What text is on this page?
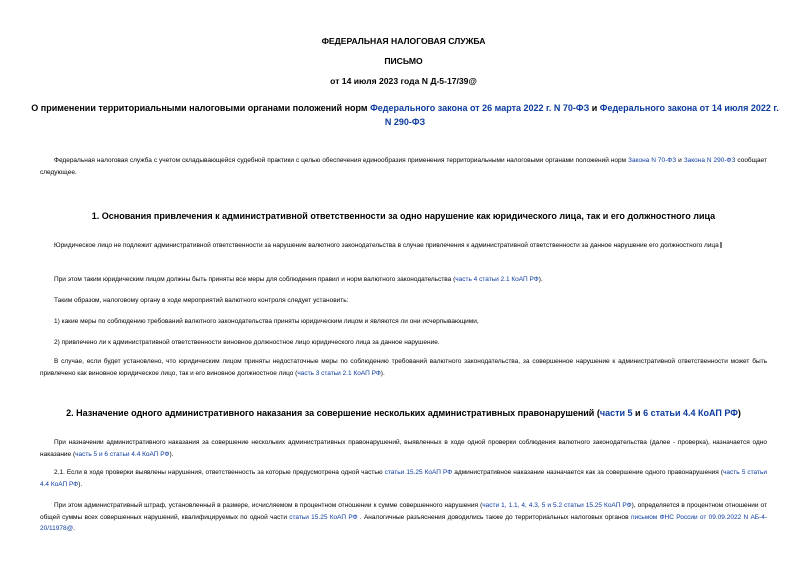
ФЕДЕРАЛЬНАЯ НАЛОГОВАЯ СЛУЖБА
ПИСЬМО
от 14 июля 2023 года N Д-5-17/39@
О применении территориальными налоговыми органами положений норм Федерального закона от 26 марта 2022 г. N 70-ФЗ и Федерального закона от 14 июля 2022 г. N 290-ФЗ
Федеральная налоговая служба с учетом складывающейся судебной практики с целью обеспечения единообразия применения территориальными налоговыми органами положений норм Закона N 70-ФЗ и Закона N 290-ФЗ сообщает следующее.
1. Основания привлечения к административной ответственности за одно нарушение как юридического лица, так и его должностного лица
Юридическое лицо не подлежит административной ответственности за нарушение валютного законодательства в случае привлечения к административной ответственности за данное нарушение его должностного лица
При этом таким юридическим лицом должны быть приняты все меры для соблюдения правил и норм валютного законодательства (часть 4 статьи 2.1 КоАП РФ).
Таким образом, налоговому органу в ходе мероприятий валютного контроля следует установить:
1) какие меры по соблюдению требований валютного законодательства приняты юридическим лицом и являются ли они исчерпывающими,
2) привлечено ли к административной ответственности виновное должностное лицо юридического лица за данное нарушение.
В случае, если будет установлено, что юридическим лицом приняты недостаточные меры по соблюдению требований валютного законодательства, за совершенное нарушение к административной ответственности может быть привлечено как виновное юридическое лицо, так и его виновное должностное лицо (часть 3 статьи 2.1 КоАП РФ).
2. Назначение одного административного наказания за совершение нескольких административных правонарушений (части 5 и 6 статьи 4.4 КоАП РФ)
При назначении административного наказания за совершение нескольких административных правонарушений, выявленных в ходе одной проверки соблюдения валютного законодательства (далее - проверка), назначается одно наказание (часть 5 и 6 статьи 4.4 КоАП РФ).
2.1. Если в ходе проверки выявлены нарушения, ответственность за которые предусмотрена одной частью статьи 15.25 КоАП РФ административное наказание назначается как за совершение одного правонарушения (часть 5 статьи 4.4 КоАП РФ).
При этом административный штраф, установленный в размере, исчисляемом в процентном отношении к сумме совершенного нарушения (части 1, 1.1, 4, 4.3, 5 и 5.2 статьи 15.25 КоАП РФ), определяется в процентном отношении от общей суммы всех совершенных нарушений, квалифицируемых по одной части статьи 15.25 КоАП РФ . Аналогичные разъяснения доводились также до территориальных налоговых органов письмом ФНС России от 09.09.2022 N АБ-4-20/11978@.
